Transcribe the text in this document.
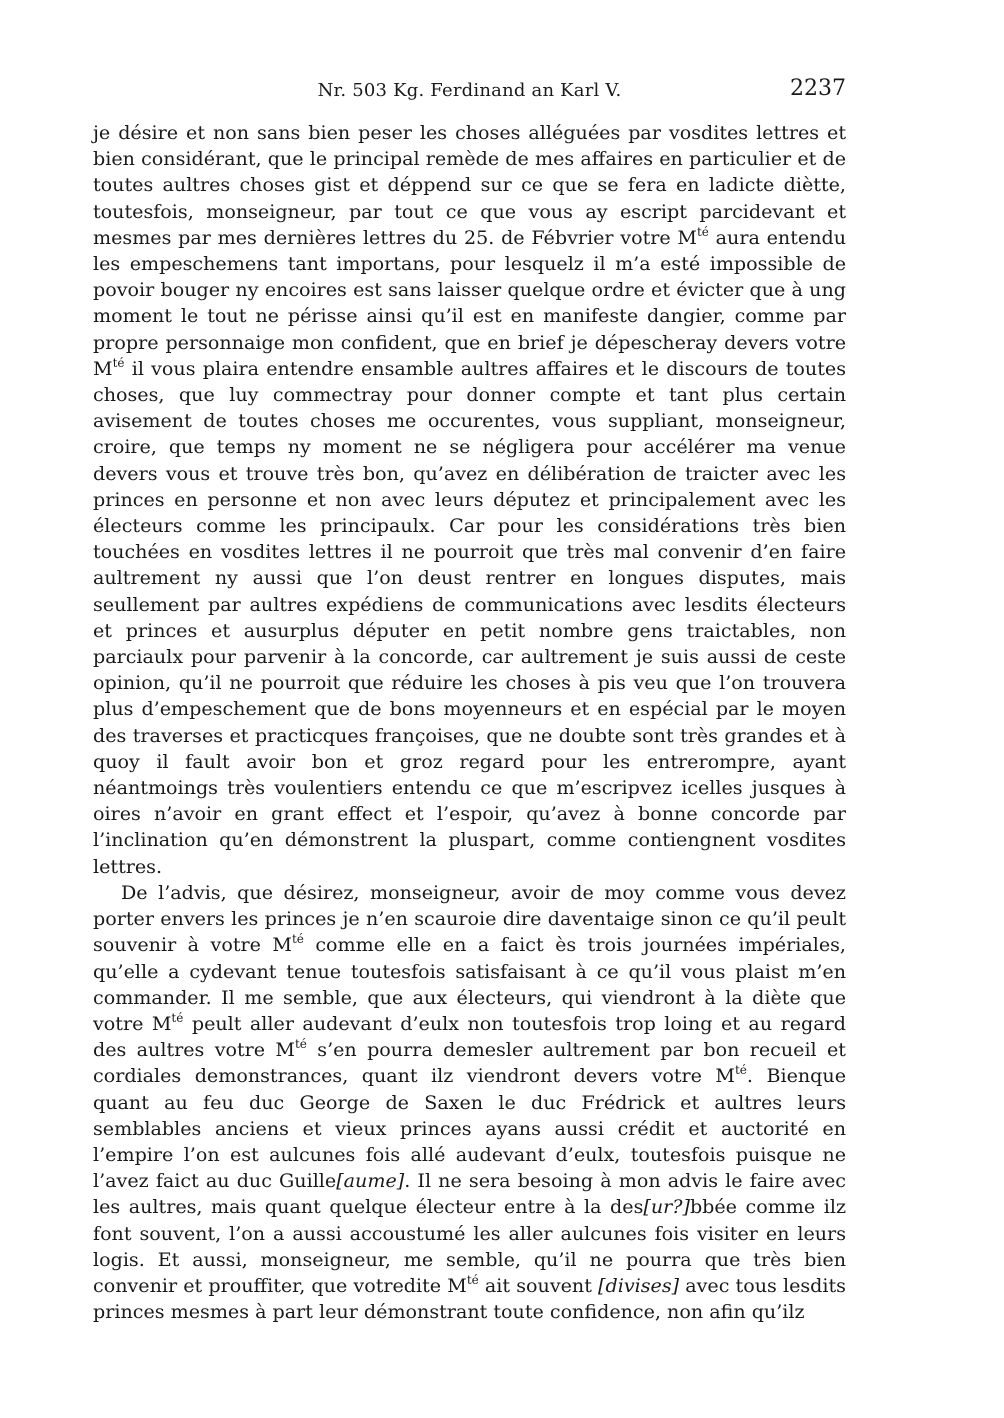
Nr. 503 Kg. Ferdinand an Karl V.	2237

je désire et non sans bien peser les choses alléguées par vosdites lettres et bien considérant, que le principal remède de mes affaires en particulier et de toutes aultres choses gist et déppend sur ce que se fera en ladicte diètte, toutesfois, monseigneur, par tout ce que vous ay escript parcidevant et mesmes par mes dernières lettres du 25. de Fébvrier votre $M^{té}$ aura entendu les empeschemens tant importans, pour lesquelz il m’a esté impossible de povoir bouger ny encoires est sans laisser quelque ordre et évicter que à ung moment le tout ne périsse ainsi qu’il est en manifeste dangier, comme par propre personnaige mon confident, que en brief je dépescheray devers votre $M^{té}$ il vous plaira entendre ensamble aultres affaires et le discours de toutes choses, que luy commectray pour donner compte et tant plus certain avisement de toutes choses me occurentes, vous suppliant, monseigneur, croire, que temps ny moment ne se négligera pour accélérer ma venue devers vous et trouve très bon, qu’avez en délibération de traicter avec les princes en personne et non avec leurs députez et principalement avec les électeurs comme les principaulx. Car pour les considérations très bien touchées en vosdites lettres il ne pourroit que très mal convenir d’en faire aultrement ny aussi que l’on deust rentrer en longues disputes, mais seullement par aultres expédiens de communications avec lesdits électeurs et princes et ausurplus députer en petit nombre gens traictables, non parciaulx pour parvenir à la concorde, car aultrement je suis aussi de ceste opinion, qu’il ne pourroit que réduire les choses à pis veu que l’on trouvera plus d’empeschement que de bons moyenneurs et en espécial par le moyen des traverses et practicques françoises, que ne doubte sont très grandes et à quoy il fault avoir bon et groz regard pour les entrerompre, ayant néantmoings très voulentiers entendu ce que m’escripvez icelles jusques à oires n’avoir en grant effect et l’espoir, qu’avez à bonne concorde par l’inclination qu’en démonstrent la pluspart, comme contiengnent vosdites lettres.

De l’advis, que désirez, monseigneur, avoir de moy comme vous devez porter envers les princes je n’en scauroie dire daventaige sinon ce qu’il peult souvenir à votre $M^{té}$ comme elle en a faict ès trois journées impériales, qu’elle a cydevant tenue toutesfois satisfaisant à ce qu’il vous plaist m’en commander. Il me semble, que aux électeurs, qui viendront à la diète que votre $M^{té}$ peult aller audevant d’eulx non toutesfois trop loing et au regard des aultres votre $M^{té}$ s’en pourra demesler aultrement par bon recueil et cordiales demonstrances, quant ilz viendront devers votre $M^{té}$. Bienque quant au feu duc George de Saxen le duc Frédrick et aultres leurs semblables anciens et vieux princes ayans aussi crédit et auctorité en l’empire l’on est aulcunes fois allé audevant d’eulx, toutesfois puisque ne l’avez faict au duc Guille[aume]. Il ne sera besoing à mon advis le faire avec les aultres, mais quant quelque électeur entre à la des[ur?]bbée comme ilz font souvent, l’on a aussi accoustumé les aller aulcunes fois visiter en leurs logis. Et aussi, monseigneur, me semble, qu’il ne pourra que très bien convenir et prouffiter, que votredite $M^{té}$ ait souvent [divises] avec tous lesdits princes mesmes à part leur démonstrant toute confidence, non afin qu’ilz
